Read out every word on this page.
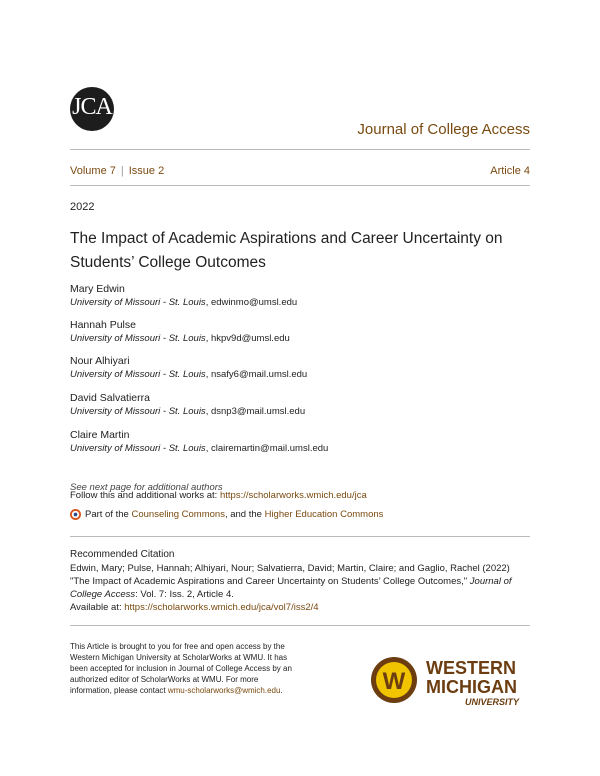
JCA
Journal of College Access
Volume 7 | Issue 2	Article 4
2022
The Impact of Academic Aspirations and Career Uncertainty on Students’ College Outcomes
Mary Edwin
University of Missouri - St. Louis, edwinmo@umsl.edu
Hannah Pulse
University of Missouri - St. Louis, hkpv9d@umsl.edu
Nour Alhiyari
University of Missouri - St. Louis, nsafy6@mail.umsl.edu
David Salvatierra
University of Missouri - St. Louis, dsnp3@mail.umsl.edu
Claire Martin
University of Missouri - St. Louis, clairemartin@mail.umsl.edu
See next page for additional authors
Follow this and additional works at: https://scholarworks.wmich.edu/jca
Part of the Counseling Commons, and the Higher Education Commons
Recommended Citation
Edwin, Mary; Pulse, Hannah; Alhiyari, Nour; Salvatierra, David; Martin, Claire; and Gaglio, Rachel (2022)
"The Impact of Academic Aspirations and Career Uncertainty on Students’ College Outcomes," Journal of College Access: Vol. 7: Iss. 2, Article 4.
Available at: https://scholarworks.wmich.edu/jca/vol7/iss2/4
This Article is brought to you for free and open access by the Western Michigan University at ScholarWorks at WMU. It has been accepted for inclusion in Journal of College Access by an authorized editor of ScholarWorks at WMU. For more information, please contact wmu-scholarworks@wmich.edu.	W WESTERN
MICHIGAN
UNIVERSITY
